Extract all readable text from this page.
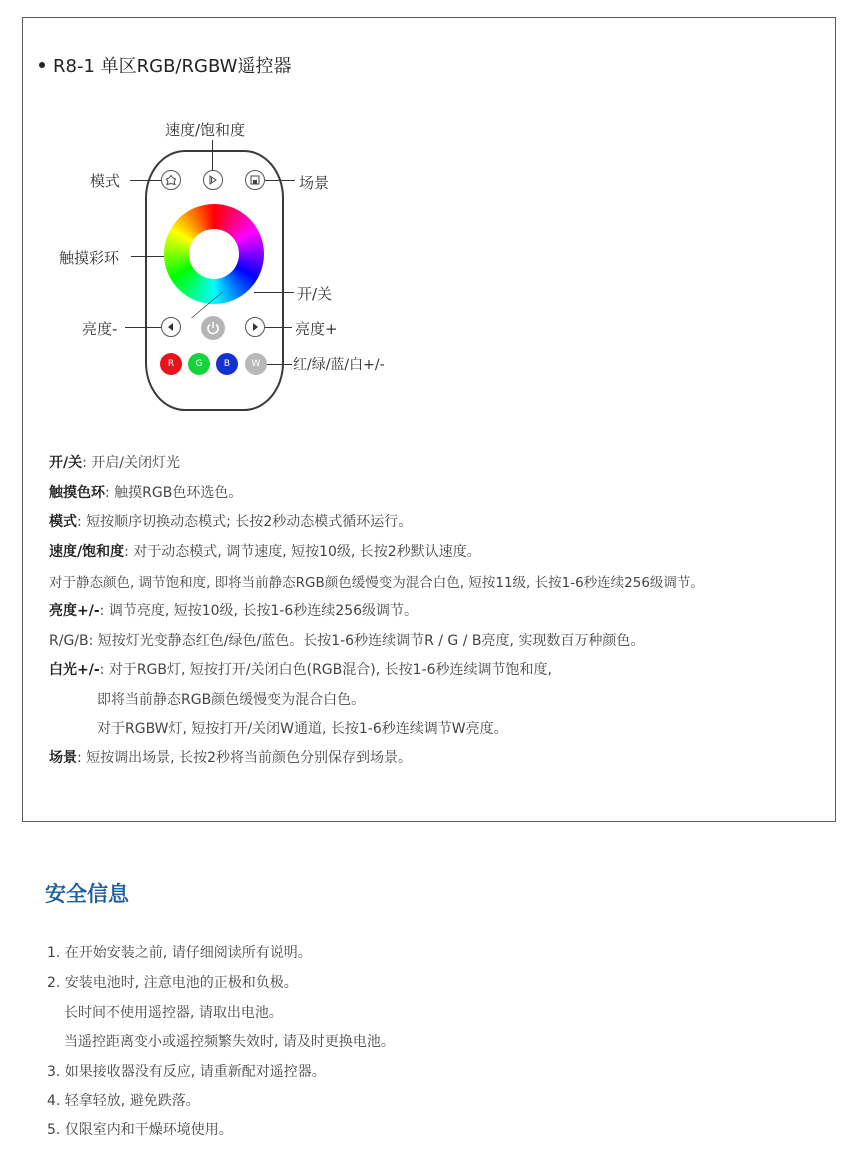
R8-1 单区RGB/RGBW遥控器
R G B W
速度/饱和度
模式	场景
触摸彩环
开/关
亮度-	亮度+
红/绿/蓝/白+/-
开/关: 开启/关闭灯光
触摸色环: 触摸RGB色环选色。
模式: 短按顺序切换动态模式; 长按2秒动态模式循环运行。
速度/饱和度: 对于动态模式, 调节速度, 短按10级, 长按2秒默认速度。
对于静态颜色, 调节饱和度, 即将当前静态RGB颜色缓慢变为混合白色, 短按11级, 长按1-6秒连续256级调节。
亮度+/-: 调节亮度, 短按10级, 长按1-6秒连续256级调节。
R/G/B: 短按灯光变静态红色/绿色/蓝色。长按1-6秒连续调节R / G / B亮度, 实现数百万种颜色。
白光+/-: 对于RGB灯, 短按打开/关闭白色(RGB混合), 长按1-6秒连续调节饱和度,
即将当前静态RGB颜色缓慢变为混合白色。
对于RGBW灯, 短按打开/关闭W通道, 长按1-6秒连续调节W亮度。
场景: 短按调出场景, 长按2秒将当前颜色分别保存到场景。
安全信息
1. 在开始安装之前, 请仔细阅读所有说明。
2. 安装电池时, 注意电池的正极和负极。
长时间不使用遥控器, 请取出电池。
当遥控距离变小或遥控频繁失效时, 请及时更换电池。
3. 如果接收器没有反应, 请重新配对遥控器。
4. 轻拿轻放, 避免跌落。
5. 仅限室内和干燥环境使用。
